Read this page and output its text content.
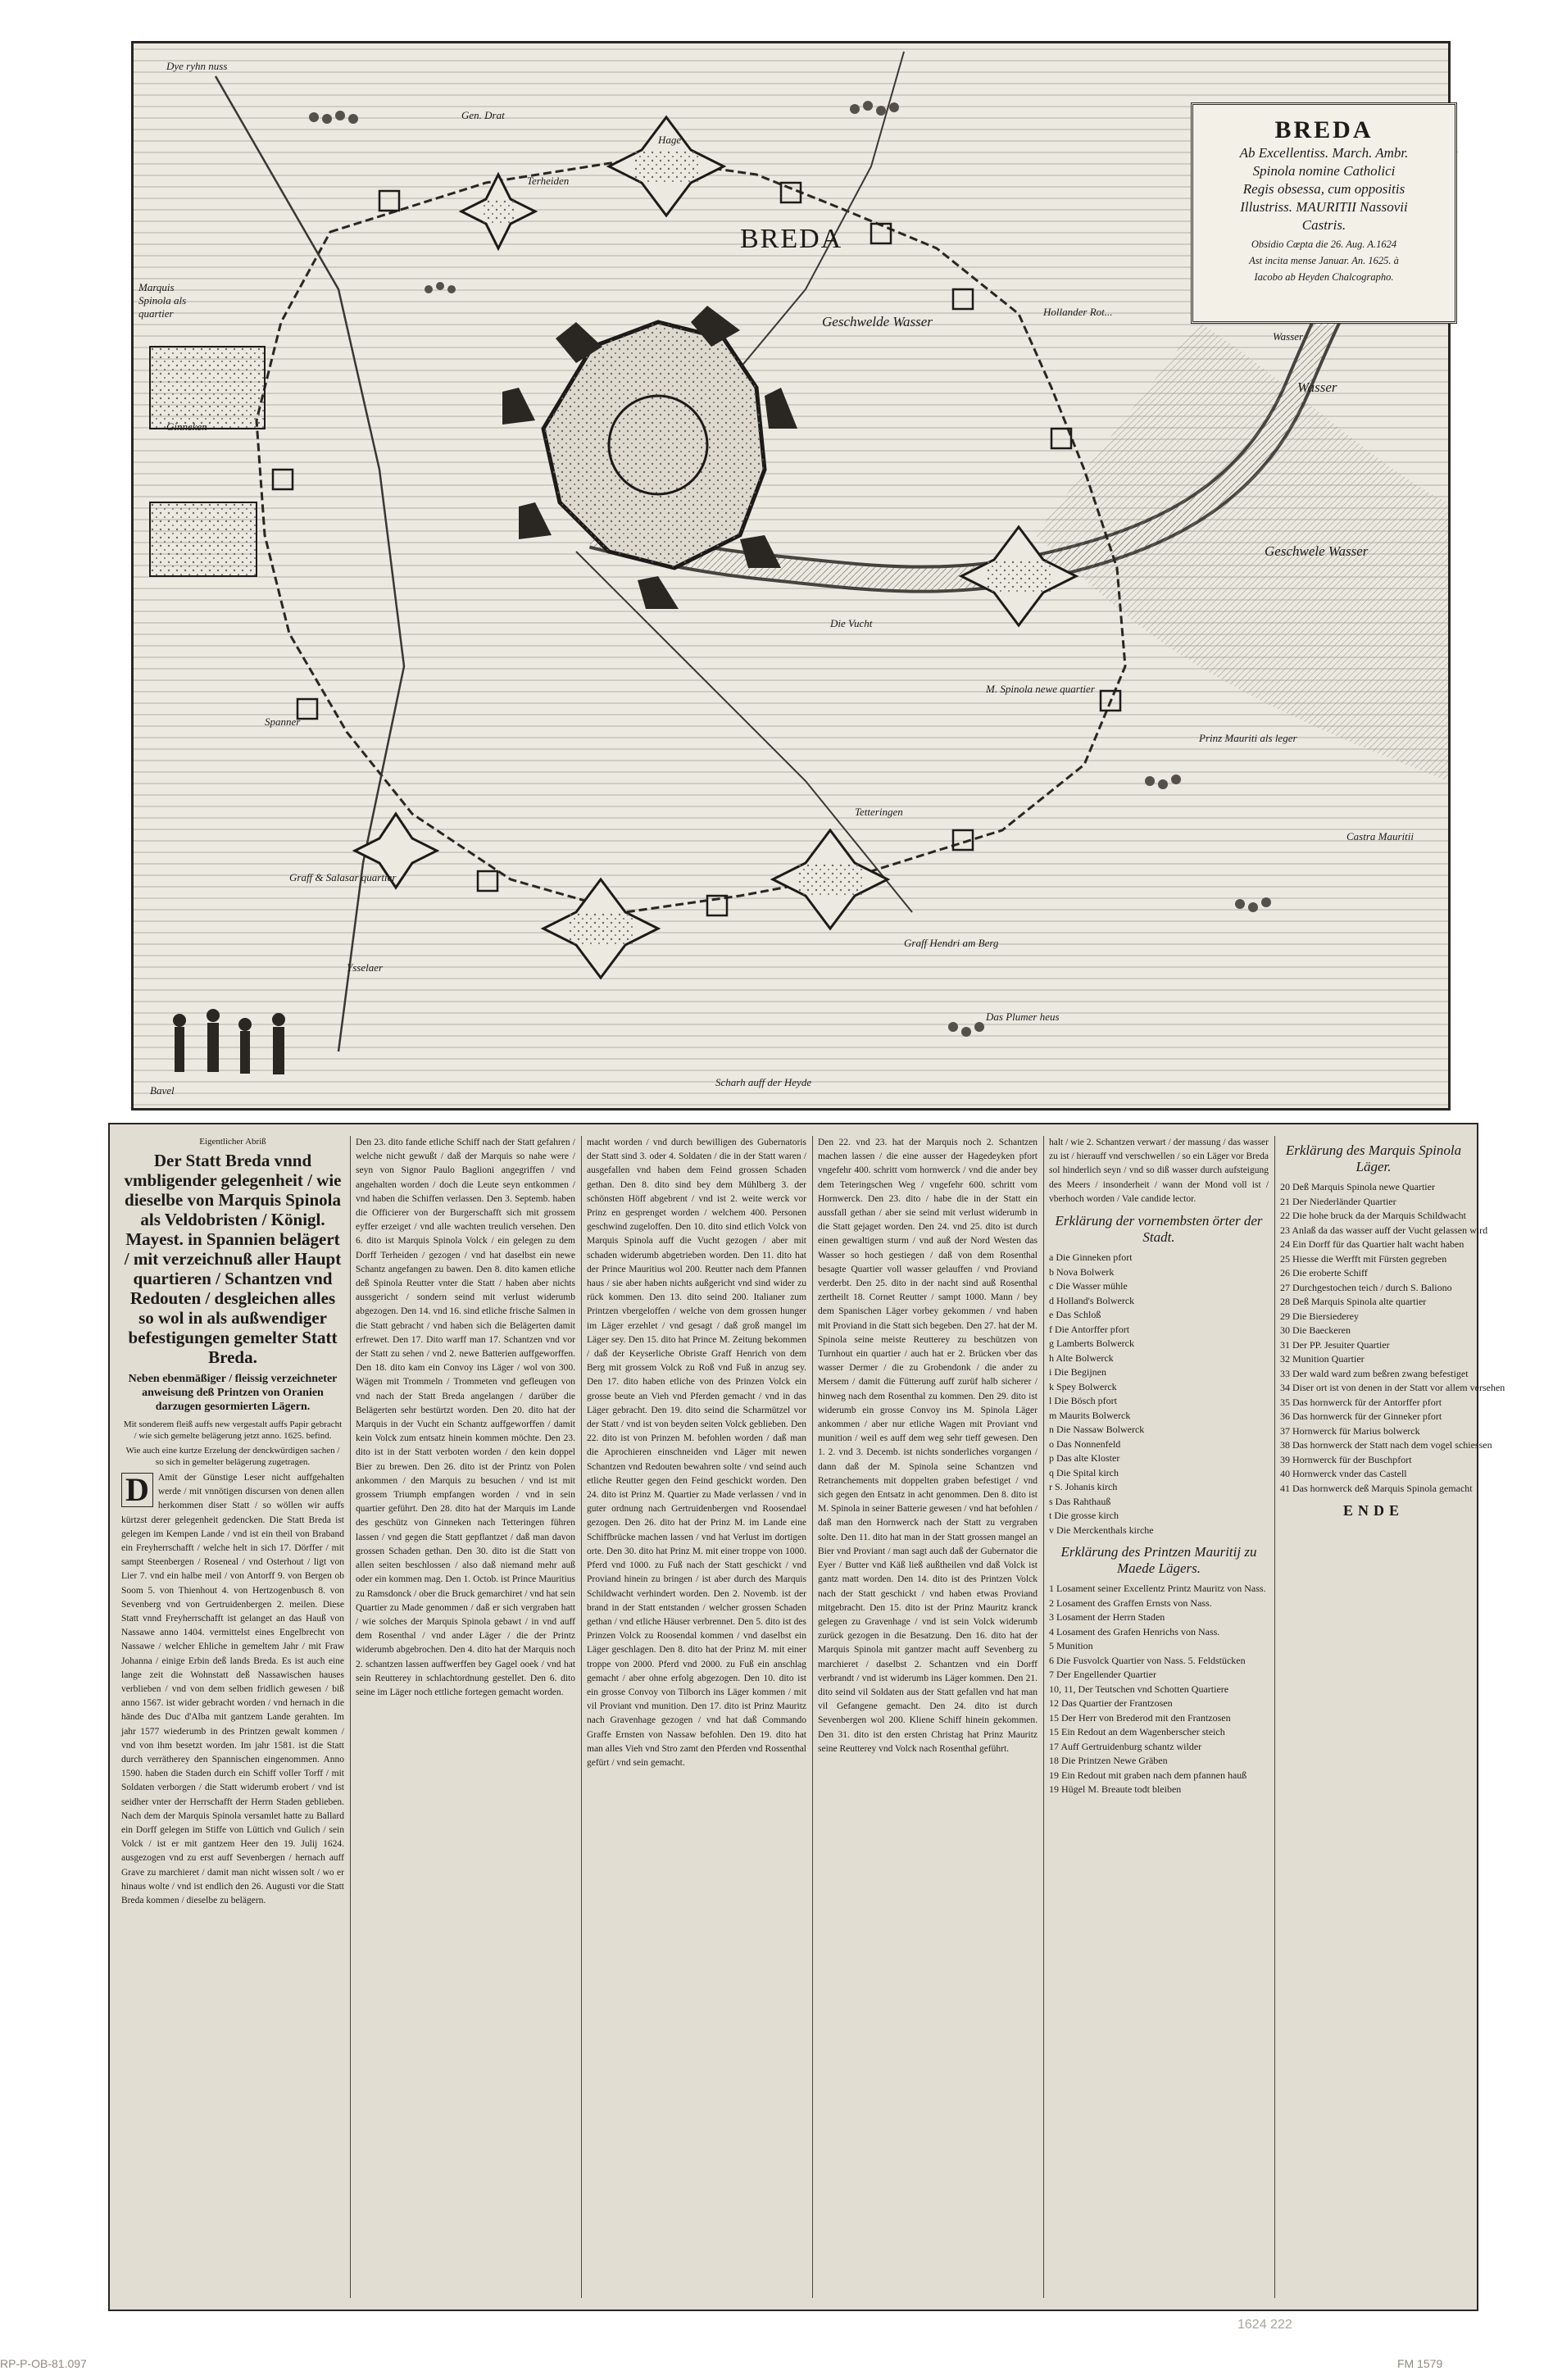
BREDA
Wasser
Geschwelde Wasser
Geschwele Wasser
Die Vucht
Tetteringen
Ginneken
Hage
Terheiden
Spanner
Ysselaer
Graff & Salasar quartier
Marquis Spinola als quartier
M. Spinola newe quartier
Prinz Mauriti als leger
Castra Mauritii
Bavel
Scharh auff der Heyde
Wasser
Gen. Drat
Das Plumer heus
Dye ryhn nuss
Graff Hendri am Berg
Hollander Rot...
BREDA
Ab Excellentiss. March. Ambr.
Spinola nomine Catholici
Regis obsessa, cum oppositis
Illustriss. MAURITII Nassovii
Castris.
Obsidio Cœpta die 26. Aug. A.1624
Ast incita mense Januar. An. 1625. à
Iacobo ab Heyden Chalcographo.
Eigentlicher Abriß
Der Statt Breda vnnd vmbligender gelegenheit / wie dieselbe von Marquis Spinola als Veldobristen / Königl. Mayest. in Spannien belägert / mit verzeichnuß aller Haupt quartieren / Schantzen vnd Redouten / desgleichen alles so wol in als außwendiger befestigungen gemelter Statt Breda.
Neben ebenmäßiger / fleissig verzeichneter anweisung deß Printzen von Oranien darzugen gesormierten Lägern.
Mit sonderem fleiß auffs new vergestalt auffs Papir gebracht / wie sich gemelte belägerung jetzt anno. 1625. befind.
Wie auch eine kurtze Erzelung der denckwürdigen sachen / so sich in gemelter belägerung zugetragen.
D Amit der Günstige Leser nicht auffgehalten werde / mit vnnötigen discursen von denen allen herkommen diser Statt / so wöllen wir auffs kürtzst derer gelegenheit gedencken. Die Statt Breda ist gelegen im Kempen Lande / vnd ist ein theil von Braband ein Freyherrschafft / welche helt in sich 17. Dörffer / mit sampt Steenbergen / Roseneal / vnd Osterhout / ligt von Lier 7. vnd ein halbe meil / von Antorff 9. von Bergen ob Soom 5. von Thienhout 4. von Hertzogenbusch 8. von Sevenberg vnd von Gertruidenbergen 2. meilen. Diese Statt vnnd Freyherrschafft ist gelanget an das Hauß von Nassawe anno 1404. vermittelst eines Engelbrecht von Nassawe / welcher Ehliche in gemeltem Jahr / mit Fraw Johanna / einige Erbin deß lands Breda. Es ist auch eine lange zeit die Wohnstatt deß Nassawischen hauses verblieben / vnd von dem selben fridlich gewesen / biß anno 1567. ist wider gebracht worden / vnd hernach in die hände des Duc d'Alba mit gantzem Lande gerahten. Im jahr 1577 wiederumb in des Printzen gewalt kommen / vnd von ihm besetzt worden. Im jahr 1581. ist die Statt durch verrätherey den Spannischen eingenommen. Anno 1590. haben die Staden durch ein Schiff voller Torff / mit Soldaten verborgen / die Statt widerumb erobert / vnd ist seidher vnter der Herrschafft der Herrn Staden geblieben. Nach dem der Marquis Spinola versamlet hatte zu Ballard ein Dorff gelegen im Stiffe von Lüttich vnd Gulich / sein Volck / ist er mit gantzem Heer den 19. Julij 1624. ausgezogen vnd zu erst auff Sevenbergen / hernach auff Grave zu marchieret / damit man nicht wissen solt / wo er hinaus wolte / vnd ist endlich den 26. Augusti vor die Statt Breda kommen / dieselbe zu belägern.

Den 23. dito fande etliche Schiff nach der Statt gefahren / welche nicht gewußt / daß der Marquis so nahe were / seyn von Signor Paulo Baglioni angegriffen / vnd angehalten worden / doch die Leute seyn entkommen / vnd haben die Schiffen verlassen. Den 3. Septemb. haben die Officierer von der Burgerschafft sich mit grossem eyffer erzeiget / vnd alle wachten treulich versehen. Den 6. dito ist Marquis Spinola Volck / ein gelegen zu dem Dorff Terheiden / gezogen / vnd hat daselbst ein newe Schantz angefangen zu bawen. Den 8. dito kamen etliche deß Spinola Reutter vnter die Statt / haben aber nichts aussgericht / sondern seind mit verlust widerumb abgezogen. Den 14. vnd 16. sind etliche frische Salmen in die Statt gebracht / vnd haben sich die Belägerten damit erfrewet. Den 17. Dito warff man 17. Schantzen vnd vor der Statt zu sehen / vnd 2. newe Batterien auffgeworffen. Den 18. dito kam ein Convoy ins Läger / wol von 300. Wägen mit Trommeln / Trommeten vnd gefleugen von vnd nach der Statt Breda angelangen / darüber die Belägerten sehr bestürtzt worden. Den 20. dito hat der Marquis in der Vucht ein Schantz auffgeworffen / damit kein Volck zum entsatz hinein kommen möchte. Den 23. dito ist in der Statt verboten worden / den kein doppel Bier zu brewen. Den 26. dito ist der Printz von Polen ankommen / den Marquis zu besuchen / vnd ist mit grossem Triumph empfangen worden / vnd in sein quartier geführt. Den 28. dito hat der Marquis im Lande des geschütz von Ginneken nach Tetteringen führen lassen / vnd gegen die Statt gepflantzet / daß man davon grossen Schaden gethan. Den 30. dito ist die Statt von allen seiten beschlossen / also daß niemand mehr auß oder ein kommen mag. Den 1. Octob. ist Prince Mauritius zu Ramsdonck / ober die Bruck gemarchiret / vnd hat sein Quartier zu Made genommen / daß er sich vergraben hatt / wie solches der Marquis Spinola gebawt / in vnd auff dem Rosenthal / vnd ander Läger / die der Printz widerumb abgebrochen. Den 4. dito hat der Marquis noch 2. schantzen lassen auffwerffen bey Gagel ooek / vnd hat sein Reutterey in schlachtordnung gestellet. Den 6. dito seine im Läger noch ettliche fortegen gemacht worden.

macht worden / vnd durch bewilligen des Gubernatoris der Statt sind 3. oder 4. Soldaten / die in der Statt waren / ausgefallen vnd haben dem Feind grossen Schaden gethan. Den 8. dito sind bey dem Mühlberg 3. der schönsten Höff abgebrent / vnd ist 2. weite werck vor Prinz en gesprenget worden / welchem 400. Personen geschwind zugeloffen. Den 10. dito sind etlich Volck von Marquis Spinola auff die Vucht gezogen / aber mit schaden widerumb abgetrieben worden. Den 11. dito hat der Prince Mauritius wol 200. Reutter nach dem Pfannen haus / sie aber haben nichts außgericht vnd sind wider zu rück kommen. Den 13. dito seind 200. Italianer zum Printzen vbergeloffen / welche von dem grossen hunger im Läger erzehlet / vnd gesagt / daß groß mangel im Läger sey. Den 15. dito hat Prince M. Zeitung bekommen / daß der Keyserliche Obriste Graff Henrich von dem Berg mit grossem Volck zu Roß vnd Fuß in anzug sey. Den 17. dito haben etliche von des Prinzen Volck ein grosse beute an Vieh vnd Pferden gemacht / vnd in das Läger gebracht. Den 19. dito seind die Scharmützel vor der Statt / vnd ist von beyden seiten Volck geblieben. Den 22. dito ist von Prinzen M. befohlen worden / daß man die Aprochieren einschneiden vnd Läger mit newen Schantzen vnd Redouten bewahren solte / vnd seind auch etliche Reutter gegen den Feind geschickt worden. Den 24. dito ist Prinz M. Quartier zu Made verlassen / vnd in guter ordnung nach Gertruidenbergen vnd Roosendael gezogen. Den 26. dito hat der Prinz M. im Lande eine Schiffbrücke machen lassen / vnd hat Verlust im dortigen orte. Den 30. dito hat Prinz M. mit einer troppe von 1000. Pferd vnd 1000. zu Fuß nach der Statt geschickt / vnd Proviand hinein zu bringen / ist aber durch des Marquis Schildwacht verhindert worden. Den 2. Novemb. ist der brand in der Statt entstanden / welcher grossen Schaden gethan / vnd etliche Häuser verbrennet. Den 5. dito ist des Prinzen Volck zu Roosendal kommen / vnd daselbst ein Läger geschlagen. Den 8. dito hat der Prinz M. mit einer troppe von 2000. Pferd vnd 2000. zu Fuß ein anschlag gemacht / aber ohne erfolg abgezogen. Den 10. dito ist ein grosse Convoy von Tilborch ins Läger kommen / mit vil Proviant vnd munition. Den 17. dito ist Prinz Mauritz nach Gravenhage gezogen / vnd hat daß Commando Graffe Ernsten von Nassaw befohlen. Den 19. dito hat man alles Vieh vnd Stro zamt den Pferden vnd Rossenthal gefürt / vnd sein gemacht.

Den 22. vnd 23. hat der Marquis noch 2. Schantzen machen lassen / die eine ausser der Hagedeyken pfort vngefehr 400. schritt vom hornwerck / vnd die ander bey dem Teteringschen Weg / vngefehr 600. schritt vom Hornwerck. Den 23. dito / habe die in der Statt ein aussfall gethan / aber sie seind mit verlust widerumb in die Statt gejaget worden. Den 24. vnd 25. dito ist durch einen gewaltigen sturm / vnd auß der Nord Westen das Wasser so hoch gestiegen / daß von dem Rosenthal besagte Quartier voll wasser gelauffen / vnd Proviand verderbt. Den 25. dito in der nacht sind auß Rosenthal zertheilt 18. Cornet Reutter / sampt 1000. Mann / bey dem Spanischen Läger vorbey gekommen / vnd haben mit Proviand in die Statt sich begeben. Den 27. hat der M. Spinola seine meiste Reutterey zu beschützen von Turnhout ein quartier / auch hat er 2. Brücken vber das wasser Dermer / die zu Grobendonk / die ander zu Mersem / damit die Fütterung auff zurüf halb sicherer / hinweg nach dem Rosenthal zu kommen. Den 29. dito ist widerumb ein grosse Convoy ins M. Spinola Läger ankommen / aber nur etliche Wagen mit Proviant vnd munition / weil es auff dem weg sehr tieff gewesen. Den 1. 2. vnd 3. Decemb. ist nichts sonderliches vorgangen / dann daß der M. Spinola seine Schantzen vnd Retranchements mit doppelten graben befestiget / vnd sich gegen den Entsatz in acht genommen. Den 8. dito ist M. Spinola in seiner Batterie gewesen / vnd hat befohlen / daß man den Hornwerck nach der Statt zu vergraben solte. Den 11. dito hat man in der Statt grossen mangel an Bier vnd Proviant / man sagt auch daß der Gubernator die Eyer / Butter vnd Käß ließ außtheilen vnd daß Volck ist gantz matt worden. Den 14. dito ist des Printzen Volck nach der Statt geschickt / vnd haben etwas Proviand mitgebracht. Den 15. dito ist der Prinz Mauritz kranck gelegen zu Gravenhage / vnd ist sein Volck widerumb zurück gezogen in die Besatzung. Den 16. dito hat der Marquis Spinola mit gantzer macht auff Sevenberg zu marchieret / daselbst 2. Schantzen vnd ein Dorff verbrandt / vnd ist widerumb ins Läger kommen. Den 21. dito seind vil Soldaten aus der Statt gefallen vnd hat man vil Gefangene gemacht. Den 24. dito ist durch Sevenbergen wol 200. Kliene Schiff hinein gekommen. Den 31. dito ist den ersten Christag hat Prinz Mauritz seine Reutterey vnd Volck nach Rosenthal geführt.

halt / wie 2. Schantzen verwart / der massung / das wasser zu ist / hierauff vnd verschwellen / so ein Läger vor Breda sol hinderlich seyn / vnd so diß wasser durch aufsteigung des Meers / insonderheit / wann der Mond voll ist / vberhoch worden / Vale candide lector.

Erklärung der vornembsten örter der Stadt.
a Die Ginneken pfort
b Nova Bolwerk
c Die Wasser mühle
d Holland's Bolwerck
e Das Schloß
f Die Antorffer pfort
g Lamberts Bolwerck
h Alte Bolwerck
i Die Begijnen
k Spey Bolwerck
l Die Bösch pfort
m Maurits Bolwerck
n Die Nassaw Bolwerck
o Das Nonnenfeld
p Das alte Kloster
q Die Spital kirch
r S. Johanis kirch
s Das Rahthauß
t Die grosse kirch
v Die Merckenthals kirche
Erklärung des Printzen Mauritij zu Maede Lägers.
1 Losament seiner Excellentz Printz Mauritz von Nass.
2 Losament des Graffen Ernsts von Nass.
3 Losament der Herrn Staden
4 Losament des Grafen Henrichs von Nass.
5 Munition
6 Die Fusvolck Quartier von Nass. 5. Feldstücken
7 Der Engellender Quartier
10, 11, Der Teutschen vnd Schotten Quartiere
12 Das Quartier der Frantzosen
15 Der Herr von Brederod mit den Frantzosen
15 Ein Redout an dem Wagenberscher steich
17 Auff Gertruidenburg schantz wilder
18 Die Printzen Newe Gräben
19 Ein Redout mit graben nach dem pfannen hauß
19 Hügel M. Breaute todt bleiben
Erklärung des Marquis Spinola Läger.
20 Deß Marquis Spinola newe Quartier
21 Der Niederländer Quartier
22 Die hohe bruck da der Marquis Schildwacht
23 Anlaß da das wasser auff der Vucht gelassen wird
24 Ein Dorff für das Quartier halt wacht haben
25 Hiesse die Werfft mit Fürsten gegreben
26 Die eroberte Schiff
27 Durchgestochen teich / durch S. Baliono
28 Deß Marquis Spinola alte quartier
29 Die Biersiederey
30 Die Baeckeren
31 Der PP. Jesuiter Quartier
32 Munition Quartier
33 Der wald ward zum beßren zwang befestiget
34 Diser ort ist von denen in der Statt vor allem versehen
35 Das hornwerck für der Antorffer pfort
36 Das hornwerck für der Ginneker pfort
37 Hornwerck für Marius bolwerck
38 Das hornwerck der Statt nach dem vogel schiessen
39 Hornwerck für der Buschpfort
40 Hornwerck vnder das Castell
41 Das hornwerck deß Marquis Spinola gemacht
ENDE
1624 222
RP-P-OB-81.097	FM 1579
